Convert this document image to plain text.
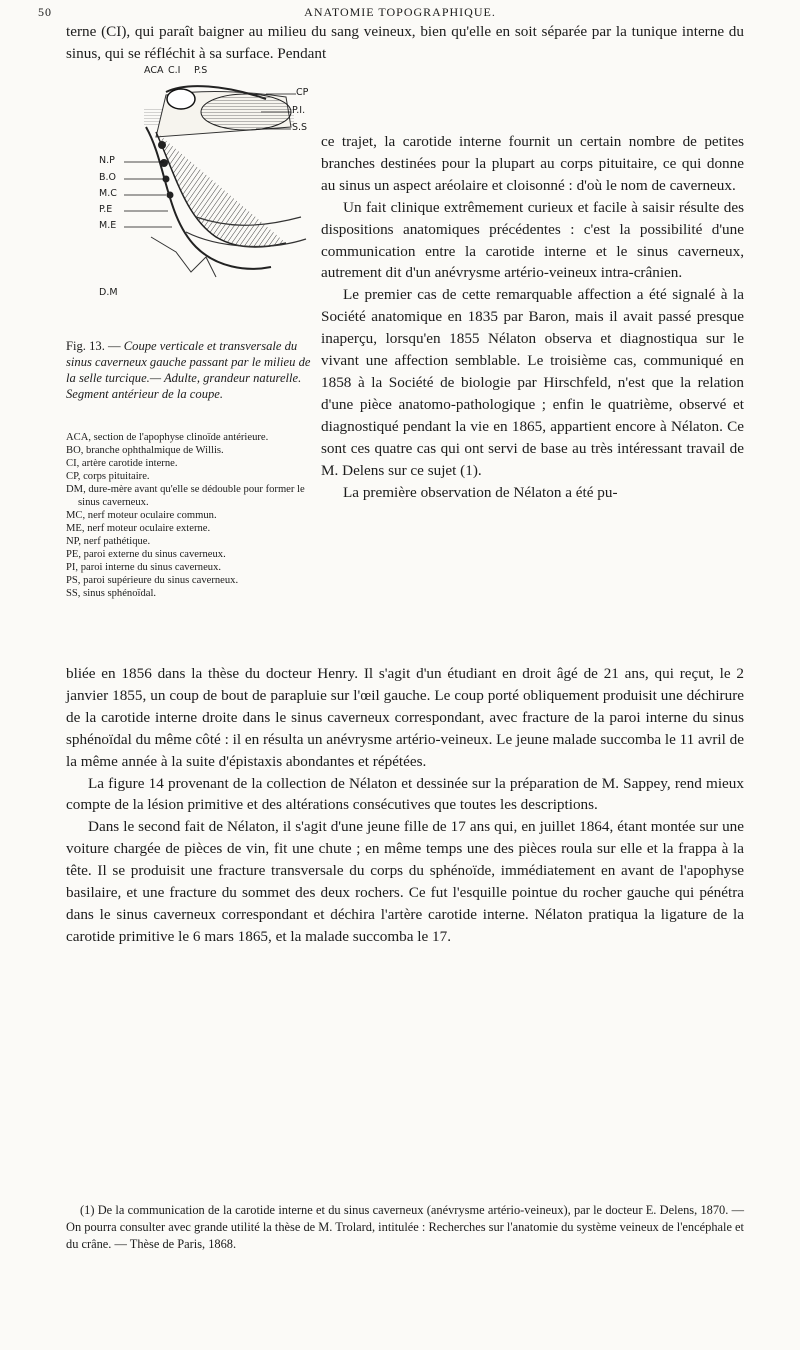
50	ANATOMIE TOPOGRAPHIQUE.

terne (CI), qui paraît baigner au milieu du sang veineux, bien qu'elle en soit séparée par la tunique interne du sinus, qui se réfléchit à sa surface. Pendant

ACA C.I P.S
CP
P.I.
S.S
N.P
B.O
M.C
P.E
M.E
D.M
Fig. 13. — Coupe verticale et transversale du sinus caverneux gauche passant par le milieu de la selle turcique.— Adulte, grandeur naturelle. Segment antérieur de la coupe.
ACA, section de l'apophyse clinoïde antérieure.
BO, branche ophthalmique de Willis.
CI, artère carotide interne.
CP, corps pituitaire.
DM, dure-mère avant qu'elle se dédouble pour former le sinus caverneux.
MC, nerf moteur oculaire commun.
ME, nerf moteur oculaire externe.
NP, nerf pathétique.
PE, paroi externe du sinus caverneux.
PI, paroi interne du sinus caverneux.
PS, paroi supérieure du sinus caverneux.
SS, sinus sphénoïdal.

ce trajet, la carotide interne fournit un certain nombre de petites branches destinées pour la plupart au corps pituitaire, ce qui donne au sinus un aspect aréolaire et cloisonné : d'où le nom de caverneux.

Un fait clinique extrêmement curieux et facile à saisir résulte des dispositions anatomiques précédentes : c'est la possibilité d'une communication entre la carotide interne et le sinus caverneux, autrement dit d'un anévrysme artério-veineux intra-crânien.

Le premier cas de cette remarquable affection a été signalé à la Société anatomique en 1835 par Baron, mais il avait passé presque inaperçu, lorsqu'en 1855 Nélaton observa et diagnostiqua sur le vivant une affection semblable. Le troisième cas, communiqué en 1858 à la Société de biologie par Hirschfeld, n'est que la relation d'une pièce anatomo-pathologique ; enfin le quatrième, observé et diagnostiqué pendant la vie en 1865, appartient encore à Nélaton. Ce sont ces quatre cas qui ont servi de base au très intéressant travail de M. Delens sur ce sujet (1).

La première observation de Nélaton a été pu-

bliée en 1856 dans la thèse du docteur Henry. Il s'agit d'un étudiant en droit âgé de 21 ans, qui reçut, le 2 janvier 1855, un coup de bout de parapluie sur l'œil gauche. Le coup porté obliquement produisit une déchirure de la carotide interne droite dans le sinus caverneux correspondant, avec fracture de la paroi interne du sinus sphénoïdal du même côté : il en résulta un anévrysme artério-veineux. Le jeune malade succomba le 11 avril de la même année à la suite d'épistaxis abondantes et répétées.

La figure 14 provenant de la collection de Nélaton et dessinée sur la préparation de M. Sappey, rend mieux compte de la lésion primitive et des altérations consécutives que toutes les descriptions.

Dans le second fait de Nélaton, il s'agit d'une jeune fille de 17 ans qui, en juillet 1864, étant montée sur une voiture chargée de pièces de vin, fit une chute ; en même temps une des pièces roula sur elle et la frappa à la tête. Il se produisit une fracture transversale du corps du sphénoïde, immédiatement en avant de l'apophyse basilaire, et une fracture du sommet des deux rochers. Ce fut l'esquille pointue du rocher gauche qui pénétra dans le sinus caverneux correspondant et déchira l'artère carotide interne. Nélaton pratiqua la ligature de la carotide primitive le 6 mars 1865, et la malade succomba le 17.

(1) De la communication de la carotide interne et du sinus caverneux (anévrysme artério-veineux), par le docteur E. Delens, 1870. — On pourra consulter avec grande utilité la thèse de M. Trolard, intitulée : Recherches sur l'anatomie du système veineux de l'encéphale et du crâne. — Thèse de Paris, 1868.
